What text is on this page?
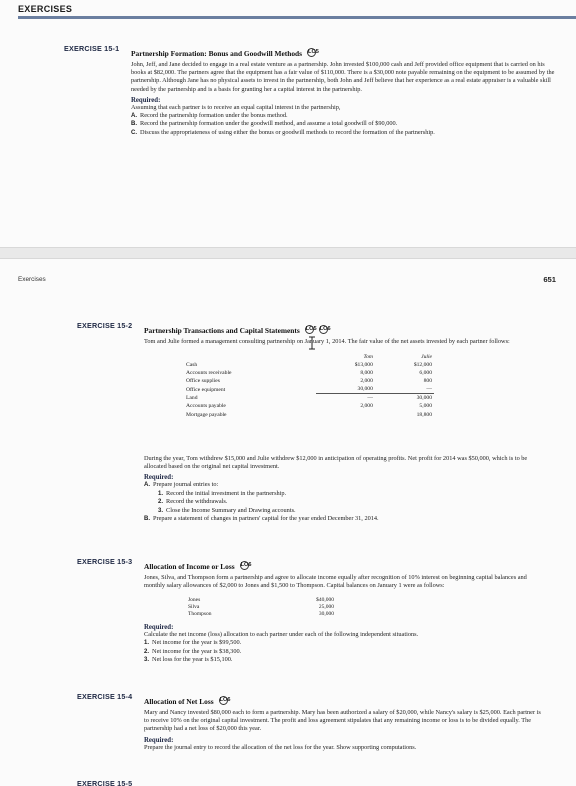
EXERCISES
EXERCISE 15-1
Partnership Formation: Bonus and Goodwill Methods LO5
John, Jeff, and Jane decided to engage in a real estate venture as a partnership. John invested $100,000 cash and Jeff provided office equipment that is carried on his books at $82,000. The partners agree that the equipment has a fair value of $110,000. There is a $30,000 note payable remaining on the equipment to be assumed by the partnership. Although Jane has no physical assets to invest in the partnership, both John and Jeff believe that her experience as a real estate appraiser is a valuable skill needed by the partnership and is a basis for granting her a capital interest in the partnership.
Required:
Assuming that each partner is to receive an equal capital interest in the partnership,
A. Record the partnership formation under the bonus method.
B. Record the partnership formation under the goodwill method, and assume a total goodwill of $90,000.
C. Discuss the appropriateness of using either the bonus or goodwill methods to record the formation of the partnership.
Exercises	651
EXERCISE 15-2
Partnership Transactions and Capital Statements LO5 LO6
Tom and Julie formed a management consulting partnership on January 1, 2014. The fair value of the net assets invested by each partner follows:
	Tom	Julie
Cash	$13,000	$12,000
Accounts receivable	8,000	6,000
Office supplies	2,000	800
Office equipment	30,000	—
Land	—	30,000
Accounts payable	2,000	5,000
Mortgage payable		18,800
During the year, Tom withdrew $15,000 and Julie withdrew $12,000 in anticipation of operating profits. Net profit for 2014 was $50,000, which is to be allocated based on the original net capital investment.
Required:
A. Prepare journal entries to:
1. Record the initial investment in the partnership.
2. Record the withdrawals.
3. Close the Income Summary and Drawing accounts.
B. Prepare a statement of changes in partners' capital for the year ended December 31, 2014.
EXERCISE 15-3
Allocation of Income or Loss LO6
Jones, Silva, and Thompson form a partnership and agree to allocate income equally after recognition of 10% interest on beginning capital balances and monthly salary allowances of $2,000 to Jones and $1,500 to Thompson. Capital balances on January 1 were as follows:
Jones	$40,000
Silva	25,000
Thompson	30,000
Required:
Calculate the net income (loss) allocation to each partner under each of the following independent situations.
1. Net income for the year is $99,500.
2. Net income for the year is $38,300.
3. Net loss for the year is $15,100.
EXERCISE 15-4
Allocation of Net Loss LO6
Mary and Nancy invested $80,000 each to form a partnership. Mary has been authorized a salary of $20,000, while Nancy's salary is $25,000. Each partner is to receive 10% on the original capital investment. The profit and loss agreement stipulates that any remaining income or loss is to be divided equally. The partnership had a net loss of $20,000 this year.
Required:
Prepare the journal entry to record the allocation of the net loss for the year. Show supporting computations.
EXERCISE 15-5
